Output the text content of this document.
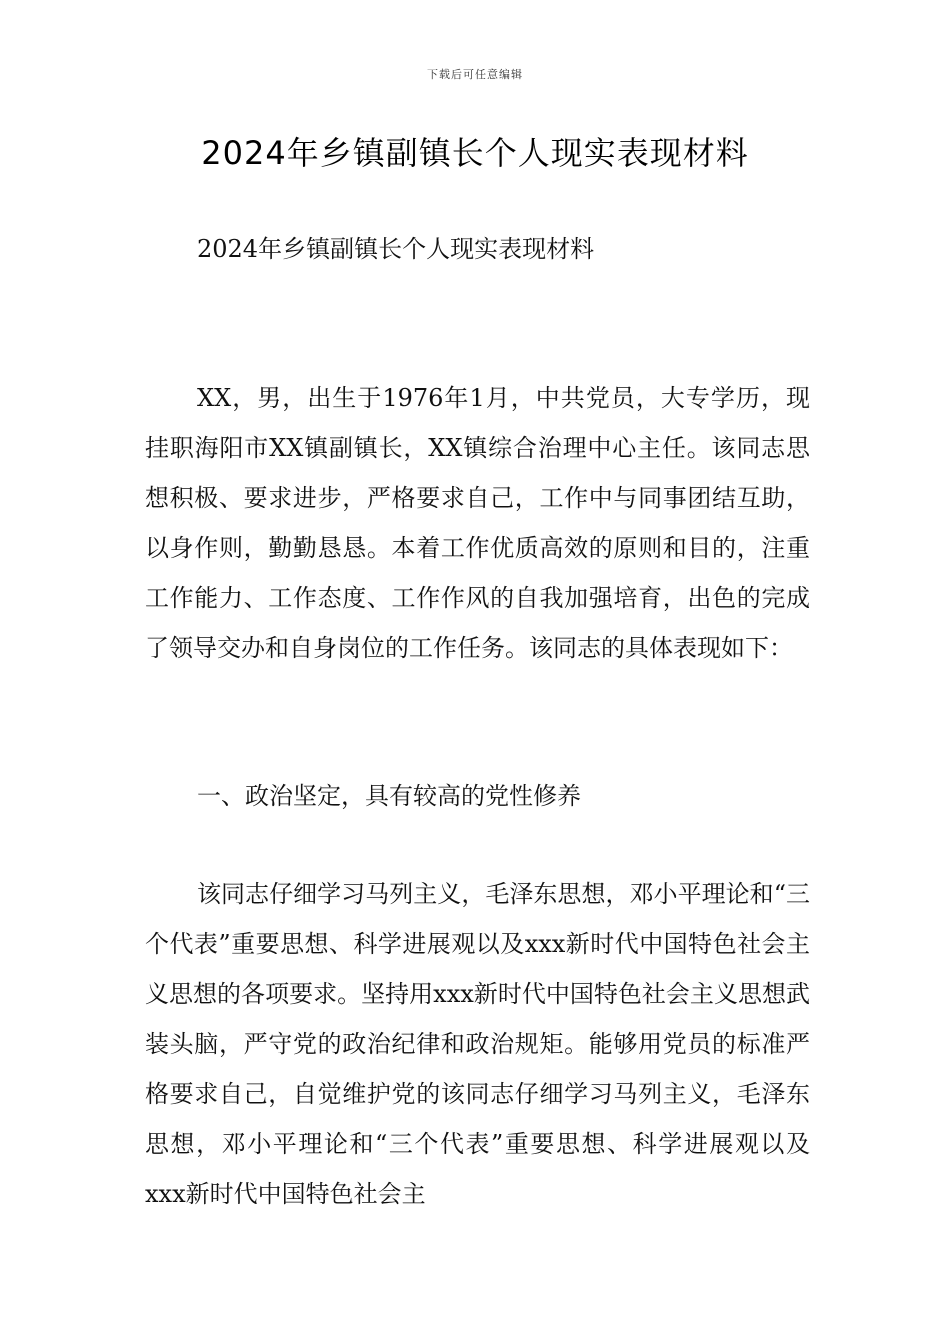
下载后可任意编辑
2024年乡镇副镇长个人现实表现材料

2024年乡镇副镇长个人现实表现材料

XX，男，出生于1976年1月，中共党员，大专学历，现挂职海阳市XX镇副镇长，XX镇综合治理中心主任。该同志思想积极、要求进步，严格要求自己，工作中与同事团结互助，以身作则，勤勤恳恳。本着工作优质高效的原则和目的，注重工作能力、工作态度、工作作风的自我加强培育，出色的完成了领导交办和自身岗位的工作任务。该同志的具体表现如下：

一、政治坚定，具有较高的党性修养

该同志仔细学习马列主义，毛泽东思想，邓小平理论和“三个代表”重要思想、科学进展观以及xxx新时代中国特色社会主义思想的各项要求。坚持用xxx新时代中国特色社会主义思想武装头脑，严守党的政治纪律和政治规矩。能够用党员的标准严格要求自己，自觉维护党的该同志仔细学习马列主义，毛泽东思想，邓小平理论和“三个代表”重要思想、科学进展观以及xxx新时代中国特色社会主
